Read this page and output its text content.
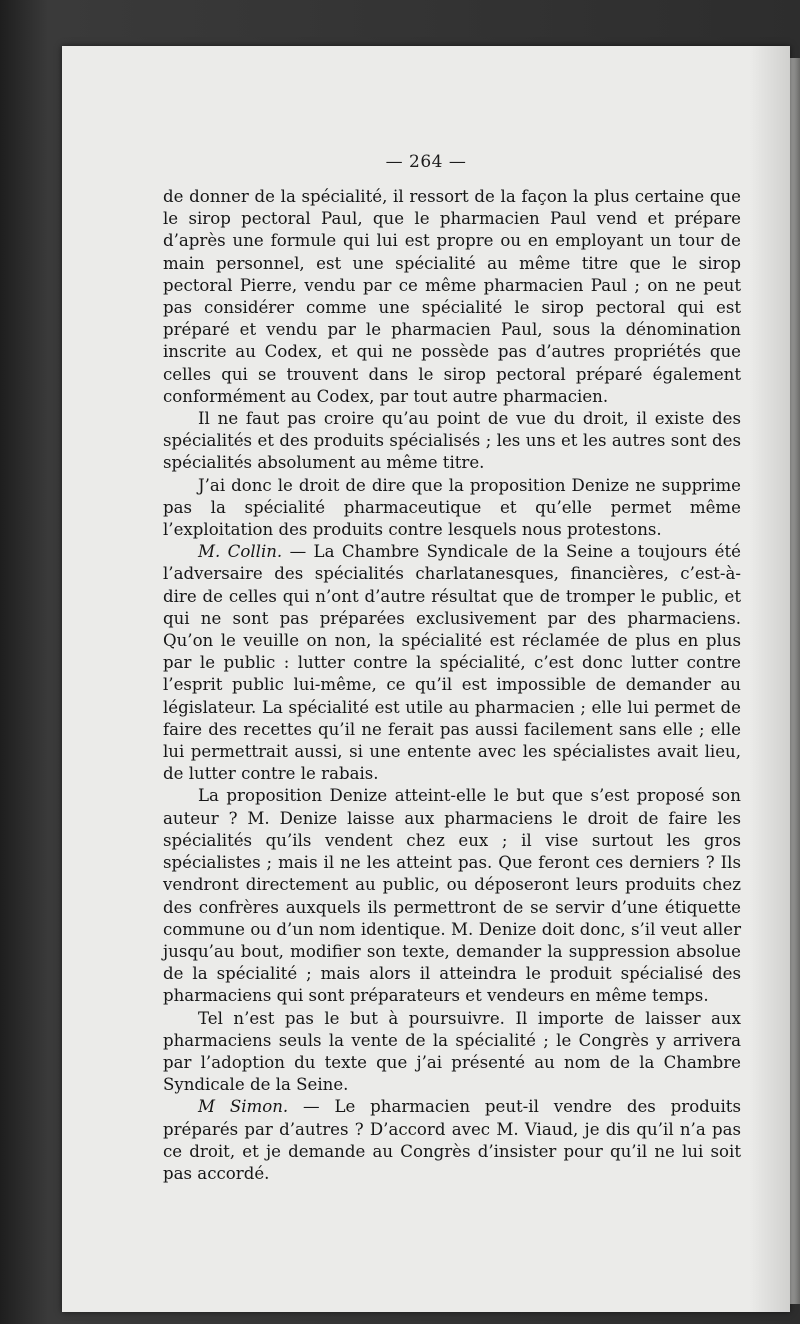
— 264 —

de donner de la spécialité, il ressort de la façon la plus certaine que le sirop pectoral Paul, que le pharmacien Paul vend et prépare d’après une formule qui lui est propre ou en employant un tour de main personnel, est une spécialité au même titre que le sirop pectoral Pierre, vendu par ce même pharmacien Paul ; on ne peut pas considérer comme une spécialité le sirop pectoral qui est préparé et vendu par le pharmacien Paul, sous la dénomination inscrite au Codex, et qui ne possède pas d’autres propriétés que celles qui se trouvent dans le sirop pectoral préparé également conformément au Codex, par tout autre pharmacien.

Il ne faut pas croire qu’au point de vue du droit, il existe des spécialités et des produits spécialisés ; les uns et les autres sont des spécialités absolument au même titre.

J’ai donc le droit de dire que la proposition Denize ne supprime pas la spécialité pharmaceutique et qu’elle permet même l’exploitation des produits contre lesquels nous protestons.

M. Collin. — La Chambre Syndicale de la Seine a toujours été l’adversaire des spécialités charlatanesques, financières, c’est-à-dire de celles qui n’ont d’autre résultat que de tromper le public, et qui ne sont pas préparées exclusivement par des pharmaciens. Qu’on le veuille on non, la spécialité est réclamée de plus en plus par le public : lutter contre la spécialité, c’est donc lutter contre l’esprit public lui-même, ce qu’il est impossible de demander au législateur. La spécialité est utile au pharmacien ; elle lui permet de faire des recettes qu’il ne ferait pas aussi facilement sans elle ; elle lui permettrait aussi, si une entente avec les spécialistes avait lieu, de lutter contre le rabais.

La proposition Denize atteint-elle le but que s’est proposé son auteur ? M. Denize laisse aux pharmaciens le droit de faire les spécialités qu’ils vendent chez eux ; il vise surtout les gros spécialistes ; mais il ne les atteint pas. Que feront ces derniers ? Ils vendront directement au public, ou déposeront leurs produits chez des confrères auxquels ils permettront de se servir d’une étiquette commune ou d’un nom identique. M. Denize doit donc, s’il veut aller jusqu’au bout, modifier son texte, demander la suppression absolue de la spécialité ; mais alors il atteindra le produit spécialisé des pharmaciens qui sont préparateurs et vendeurs en même temps.

Tel n’est pas le but à poursuivre. Il importe de laisser aux pharmaciens seuls la vente de la spécialité ; le Congrès y arrivera par l’adoption du texte que j’ai présenté au nom de la Chambre Syndicale de la Seine.

M Simon. — Le pharmacien peut-il vendre des produits préparés par d’autres ? D’accord avec M. Viaud, je dis qu’il n’a pas ce droit, et je demande au Congrès d’insister pour qu’il ne lui soit pas accordé.
